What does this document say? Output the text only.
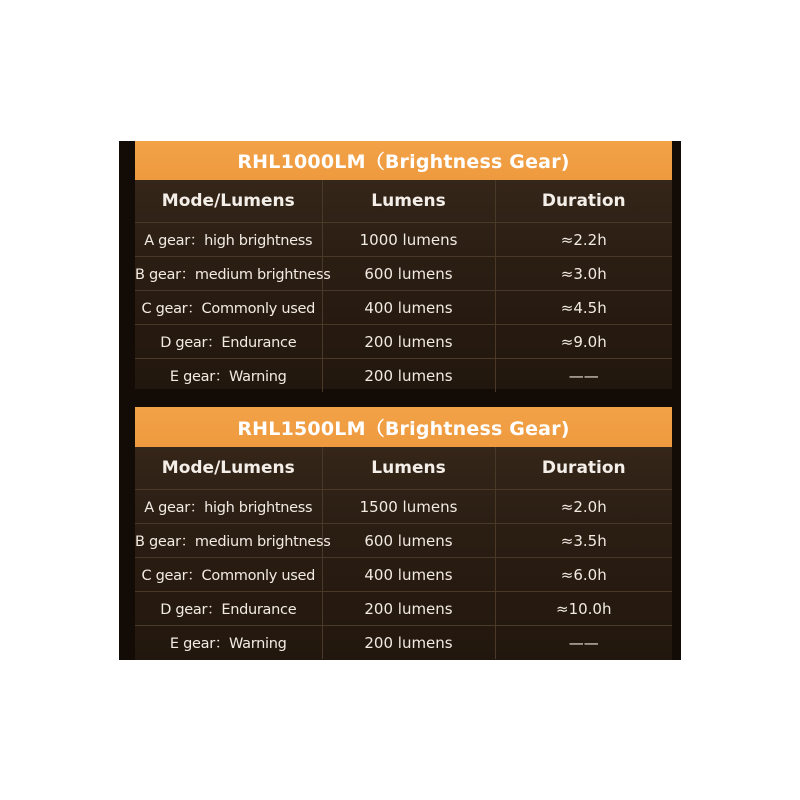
RHL1000LM（Brightness Gear)
Mode/Lumens	Lumens	Duration
A gear：high brightness	1000 lumens	≈2.2h
B gear：medium brightness	600 lumens	≈3.0h
C gear：Commonly used	400 lumens	≈4.5h
D gear：Endurance	200 lumens	≈9.0h
E gear：Warning	200 lumens	——
RHL1500LM（Brightness Gear)
Mode/Lumens	Lumens	Duration
A gear：high brightness	1500 lumens	≈2.0h
B gear：medium brightness	600 lumens	≈3.5h
C gear：Commonly used	400 lumens	≈6.0h
D gear：Endurance	200 lumens	≈10.0h
E gear：Warning	200 lumens	——
